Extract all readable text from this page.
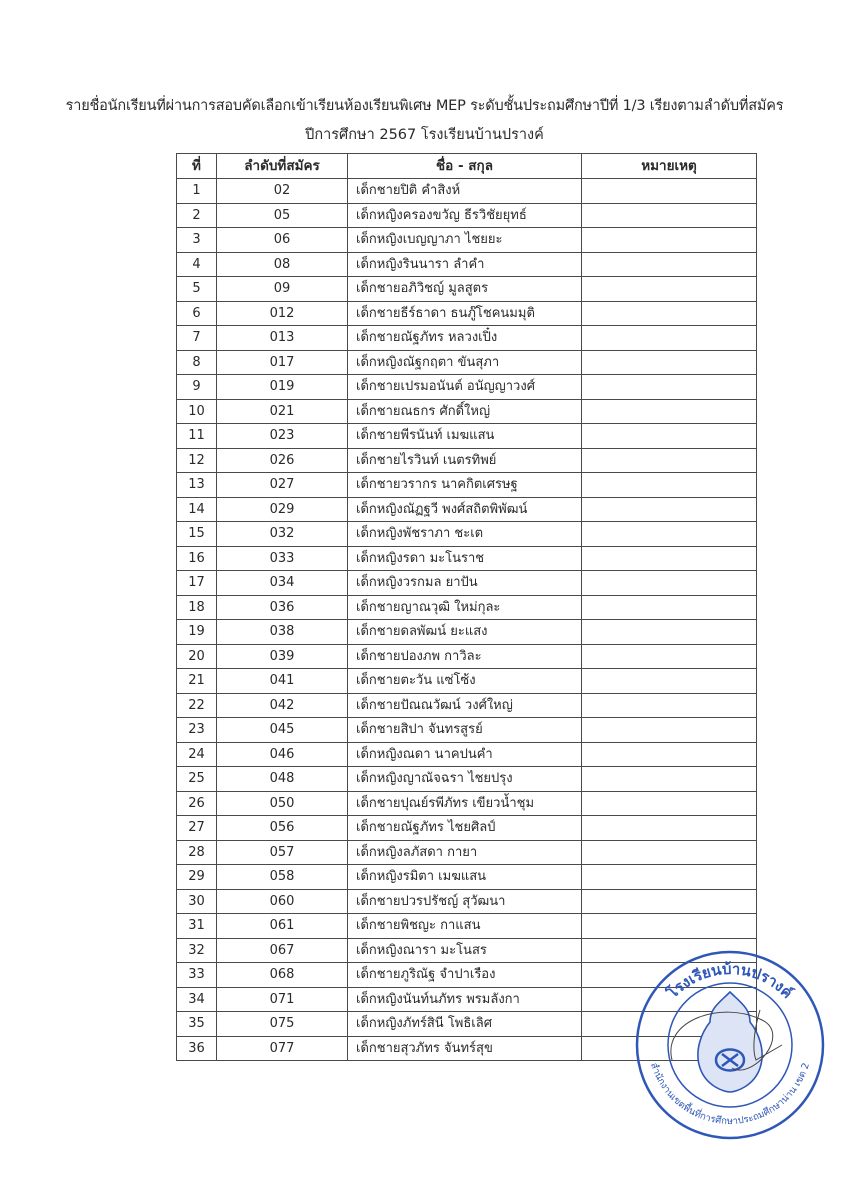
รายชื่อนักเรียนที่ผ่านการสอบคัดเลือกเข้าเรียนห้องเรียนพิเศษ MEP ระดับชั้นประถมศึกษาปีที่ 1/3 เรียงตามลำดับที่สมัคร
ปีการศึกษา 2567 โรงเรียนบ้านปรางค์
ที่	ลำดับที่สมัคร	ชื่อ - สกุล	หมายเหตุ
1	02	เด็กชายปิติ คำสิงห์	
2	05	เด็กหญิงครองขวัญ ธีรวิชัยยุทธ์	
3	06	เด็กหญิงเบญญาภา ไชยยะ	
4	08	เด็กหญิงรินนารา ลำคำ	
5	09	เด็กชายอภิวิชญ์ มูลสูตร	
6	012	เด็กชายธีร์ธาดา ธนภู๊โชคนมมุติ	
7	013	เด็กชายณัฐภัทร หลวงเปิ๋ง	
8	017	เด็กหญิงณัฐกฤตา ขันสุภา	
9	019	เด็กชายเปรมอนันต์ อนัญญาวงศ์	
10	021	เด็กชายณธกร ศักดิ์ใหญ่	
11	023	เด็กชายพีรนันท์ เมฆแสน	
12	026	เด็กชายไรวินท์ เนตรทิพย์	
13	027	เด็กชายวรากร นาคกิตเศรษฐ	
14	029	เด็กหญิงณัฏฐวี พงศ์สถิตพิพัฒน์	
15	032	เด็กหญิงพัชราภา ชะเต	
16	033	เด็กหญิงรดา มะโนราช	
17	034	เด็กหญิงวรกมล ยาปัน	
18	036	เด็กชายญาณวุฒิ ใหม่กุละ	
19	038	เด็กชายดลพัฒน์ ยะแสง	
20	039	เด็กชายปองภพ กาวิละ	
21	041	เด็กชายตะวัน แซ่โซ้ง	
22	042	เด็กชายปัณณวัฒน์ วงศ์ใหญ่	
23	045	เด็กชายสิปา จันทรสูรย์	
24	046	เด็กหญิงณดา นาคปนคำ	
25	048	เด็กหญิงญาณัจฉรา ไชยปรุง	
26	050	เด็กชายปุณย์รพีภัทร เขียวน้ำชุม	
27	056	เด็กชายณัฐภัทร ไชยศิลป์	
28	057	เด็กหญิงลภัสดา กายา	
29	058	เด็กหญิงรมิตา เมฆแสน	
30	060	เด็กชายปวรปรัชญ์ สุวัฒนา	
31	061	เด็กชายพิชญะ กาแสน	
32	067	เด็กหญิงณารา มะโนสร	
33	068	เด็กชายภูริณัฐ จำปาเรือง	
34	071	เด็กหญิงนันท์นภัทร พรมลังกา	
35	075	เด็กหญิงภัทร์สินี โพธิเลิศ	
36	077	เด็กชายสุวภัทร จันทร์สุข	
โรงเรียนบ้านปรางค์
สำนักงานเขตพื้นที่การศึกษาประถมศึกษาน่าน เขต 2
